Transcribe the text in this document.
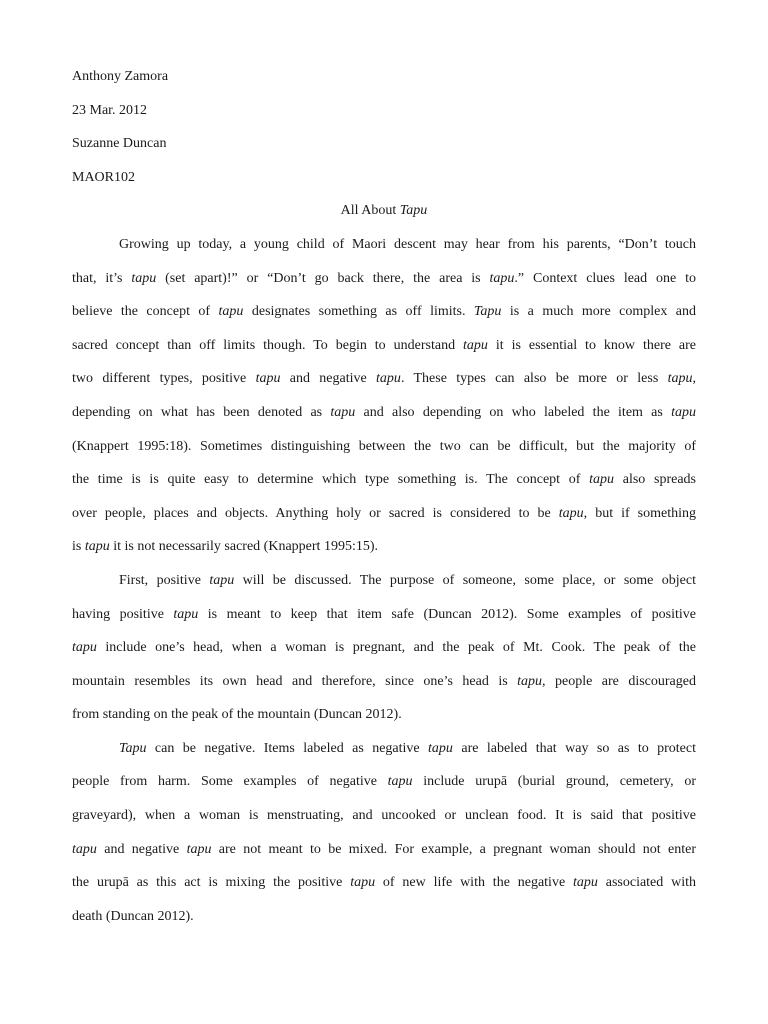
Anthony Zamora

23 Mar. 2012

Suzanne Duncan

MAOR102

All About Tapu

Growing up today, a young child of Maori descent may hear from his parents, “Don’t touch
that, it’s tapu (set apart)!” or “Don’t go back there, the area is tapu.” Context clues lead one to
believe the concept of tapu designates something as off limits. Tapu is a much more complex and
sacred concept than off limits though. To begin to understand tapu it is essential to know there are
two different types, positive tapu and negative tapu. These types can also be more or less tapu,
depending on what has been denoted as tapu and also depending on who labeled the item as tapu
(Knappert 1995:18). Sometimes distinguishing between the two can be difficult, but the majority of
the time is is quite easy to determine which type something is. The concept of tapu also spreads
over people, places and objects. Anything holy or sacred is considered to be tapu, but if something
is tapu it is not necessarily sacred (Knappert 1995:15).
First, positive tapu will be discussed. The purpose of someone, some place, or some object
having positive tapu is meant to keep that item safe (Duncan 2012). Some examples of positive
tapu include one’s head, when a woman is pregnant, and the peak of Mt. Cook. The peak of the
mountain resembles its own head and therefore, since one’s head is tapu, people are discouraged
from standing on the peak of the mountain (Duncan 2012).
Tapu can be negative. Items labeled as negative tapu are labeled that way so as to protect
people from harm. Some examples of negative tapu include urupā (burial ground, cemetery, or
graveyard), when a woman is menstruating, and uncooked or unclean food. It is said that positive
tapu and negative tapu are not meant to be mixed. For example, a pregnant woman should not enter
the urupā as this act is mixing the positive tapu of new life with the negative tapu associated with
death (Duncan 2012).
